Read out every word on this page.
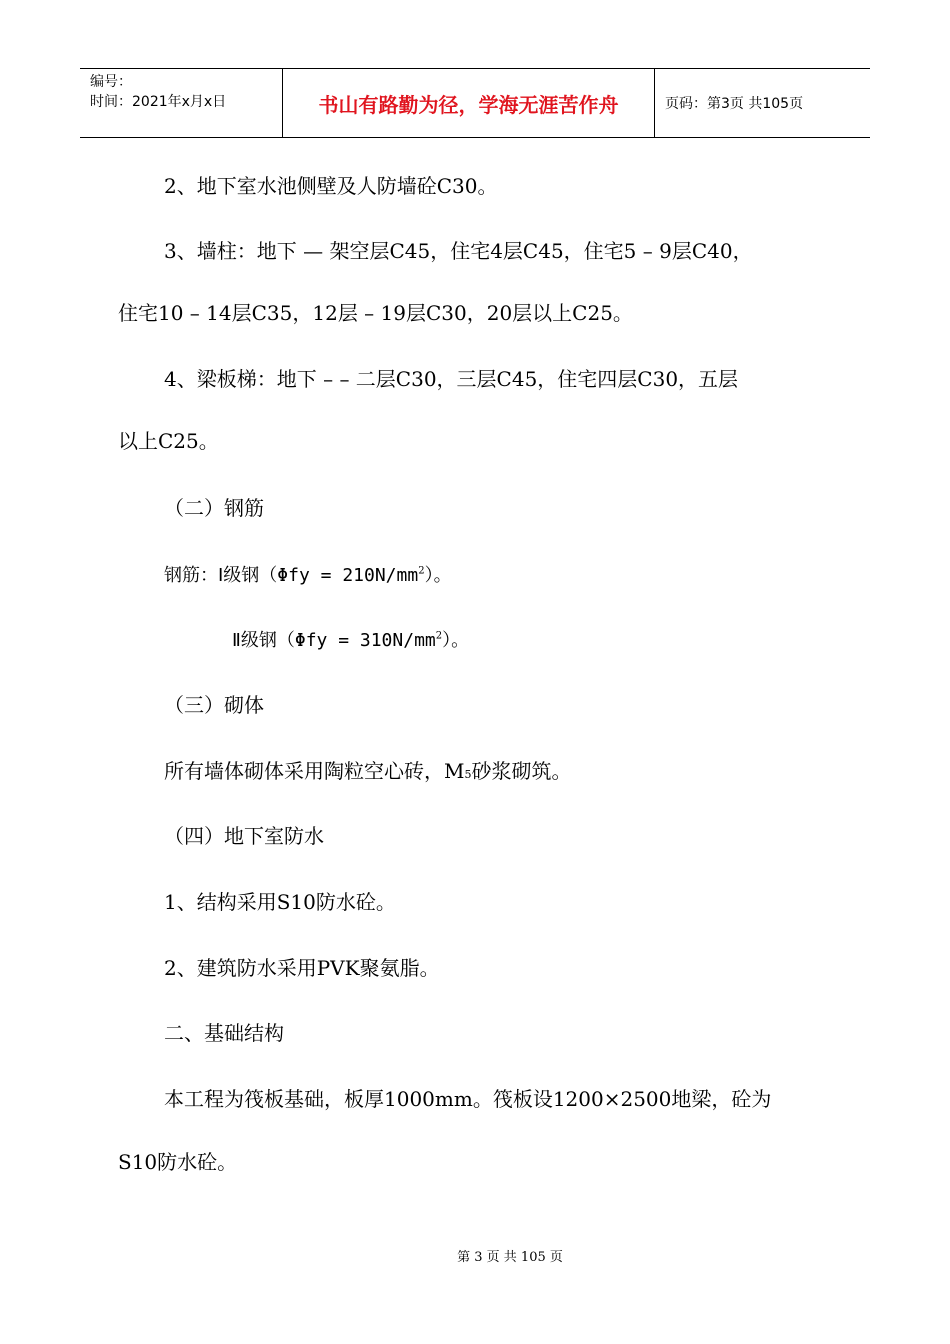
编号：
时间：2021年x月x日	书山有路勤为径，学海无涯苦作舟	页码：第3页 共105页
2、地下室水池侧壁及人防墙砼C30。
3、墙柱：地下 — 架空层C45，住宅4层C45，住宅5 – 9层C40，
住宅10 – 14层C35，12层 – 19层C30，20层以上C25。
4、梁板梯：地下 – – 二层C30，三层C45，住宅四层C30，五层
以上C25。
（二）钢筋
钢筋：Ⅰ级钢$(\Phi fy = 210N/mm^2)$。
Ⅱ级钢$(\Phi fy = 310N/mm^2)$。
（三）砌体
所有墙体砌体采用陶粒空心砖，M5砂浆砌筑。
（四）地下室防水
1、结构采用S10防水砼。
2、建筑防水采用PVK聚氨脂。
二、基础结构
本工程为筏板基础，板厚1000mm。筏板设1200×2500地梁，砼为
S10防水砼。
第 3 页 共 105 页
